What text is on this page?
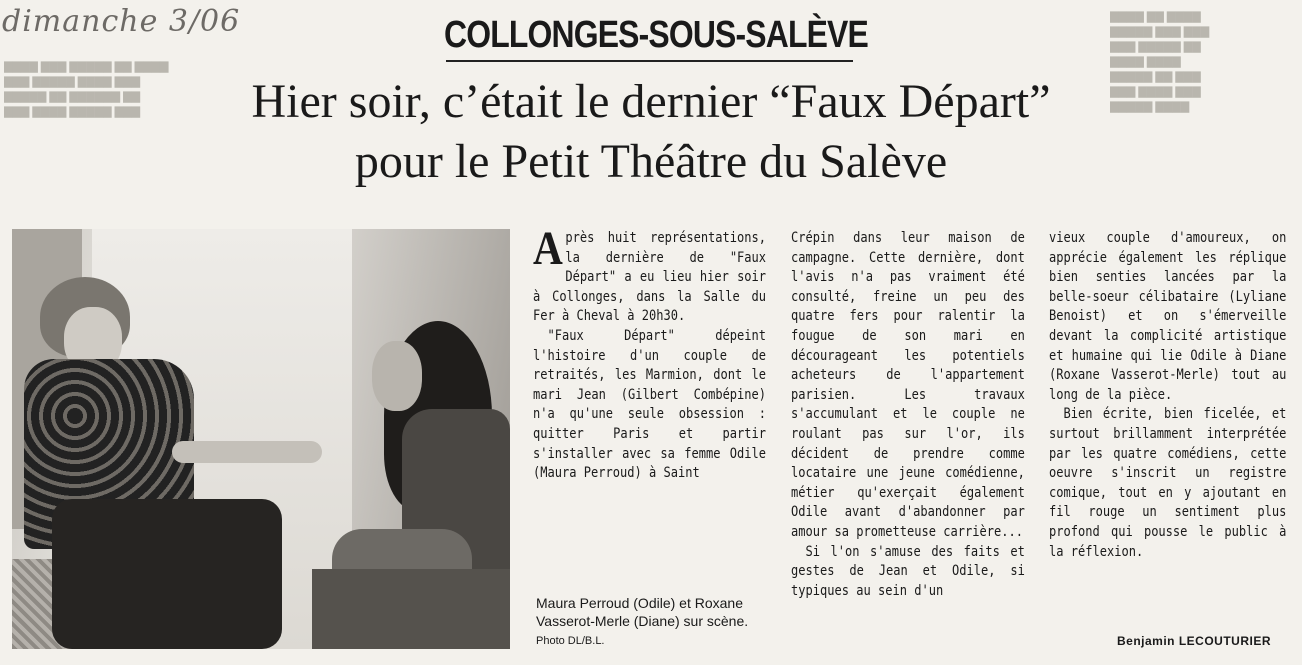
▇▇▇▇ ▇▇▇ ▇▇▇▇▇ ▇▇ ▇▇▇▇
▇▇▇ ▇▇▇▇▇ ▇▇▇▇ ▇▇▇
▇▇▇▇▇ ▇▇ ▇▇▇▇▇▇ ▇▇
▇▇▇ ▇▇▇▇ ▇▇▇▇▇ ▇▇▇
▇▇▇▇ ▇▇ ▇▇▇▇
▇▇▇▇▇ ▇▇▇ ▇▇▇
▇▇▇ ▇▇▇▇▇ ▇▇
▇▇▇▇ ▇▇▇▇
▇▇▇▇▇ ▇▇ ▇▇▇
▇▇▇ ▇▇▇▇ ▇▇▇
▇▇▇▇▇ ▇▇▇▇
dimanche 3/06	COLLONGES-SOUS-SALÈVE
Hier soir, c’était le dernier “Faux Départ”
pour le Petit Théâtre du Salève
Maura Perroud (Odile) et Roxane Vasserot-Merle (Diane) sur scène. Photo DL/B.L.

Après huit représentations, la dernière de "Faux Départ" a eu lieu hier soir à Collonges, dans la Salle du Fer à Cheval à 20h30.

"Faux Départ" dépeint l'histoire d'un couple de retraités, les Marmion, dont le mari Jean (Gilbert Combépine) n'a qu'une seule obsession : quitter Paris et partir s'installer avec sa femme Odile (Maura Perroud) à Saint

Crépin dans leur maison de campagne. Cette dernière, dont l'avis n'a pas vraiment été consulté, freine un peu des quatre fers pour ralentir la fougue de son mari en décourageant les potentiels acheteurs de l'appartement parisien. Les travaux s'accumulant et le couple ne roulant pas sur l'or, ils décident de prendre comme locataire une jeune comédienne, métier qu'exerçait également Odile avant d'abandonner par amour sa prometteuse carrière...

Si l'on s'amuse des faits et gestes de Jean et Odile, si typiques au sein d'un

vieux couple d'amoureux, on apprécie également les réplique bien senties lancées par la belle-soeur célibataire (Lyliane Benoist) et on s'émerveille devant la complicité artistique et humaine qui lie Odile à Diane (Roxane Vasserot-Merle) tout au long de la pièce.

Bien écrite, bien ficelée, et surtout brillamment interprétée par les quatre comédiens, cette oeuvre s'inscrit un registre comique, tout en y ajoutant en fil rouge un sentiment plus profond qui pousse le public à la réflexion.

Benjamin LECOUTURIER
